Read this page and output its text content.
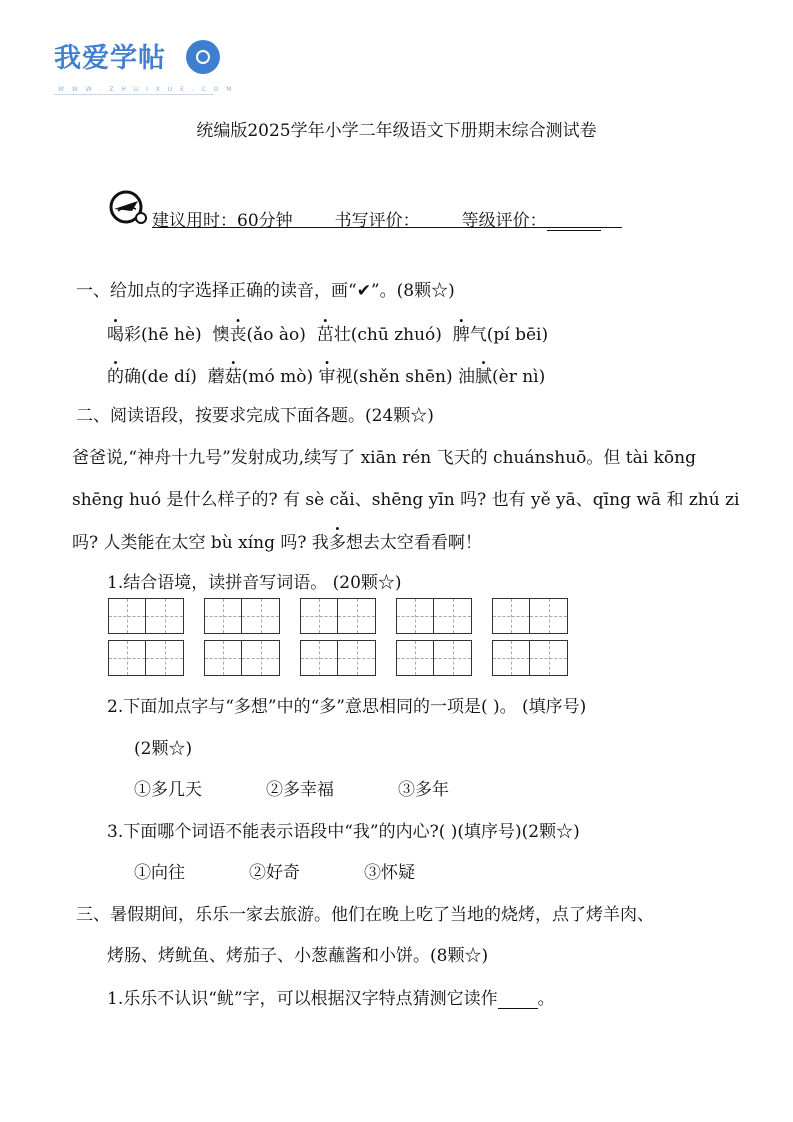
我爱学帖
W W W . Z H U I X U E . C O M
统编版2025学年小学二年级语文下册期末综合测试卷
建议用时：60分钟 书写评价： 等级评价：
一、给加点的字选择正确的读音，画“✔”。(8颗☆)
喝彩(hē hè) 懊丧(ǎo ào) 茁壮(chū zhuó) 脾气(pí bēi)
的确(de dí) 蘑菇(mó mò) 审视(shěn shēn) 油腻(èr nì)
二、阅读语段，按要求完成下面各题。(24颗☆)
爸爸说,“神舟十九号”发射成功,续写了 xiān rén 飞天的 chuánshuō。但 tài kōng
shēng huó 是什么样子的? 有 sè cǎi、shēng yīn 吗? 也有 yě yā、qīng wā 和 zhú zi
吗? 人类能在太空 bù xíng 吗? 我多想去太空看看啊！
1.结合语境，读拼音写词语。 (20颗☆)
2.下面加点字与“多想”中的“多”意思相同的一项是( )。 (填序号)
(2颗☆)
①多几天	②多幸福	③多年
3.下面哪个词语不能表示语段中“我”的内心?( )(填序号)(2颗☆)
①向往	②好奇	③怀疑
三、暑假期间，乐乐一家去旅游。他们在晚上吃了当地的烧烤，点了烤羊肉、
烤肠、烤鱿鱼、烤茄子、小葱蘸酱和小饼。(8颗☆)
1.乐乐不认识“鱿”字，可以根据汉字特点猜测它读作 。
